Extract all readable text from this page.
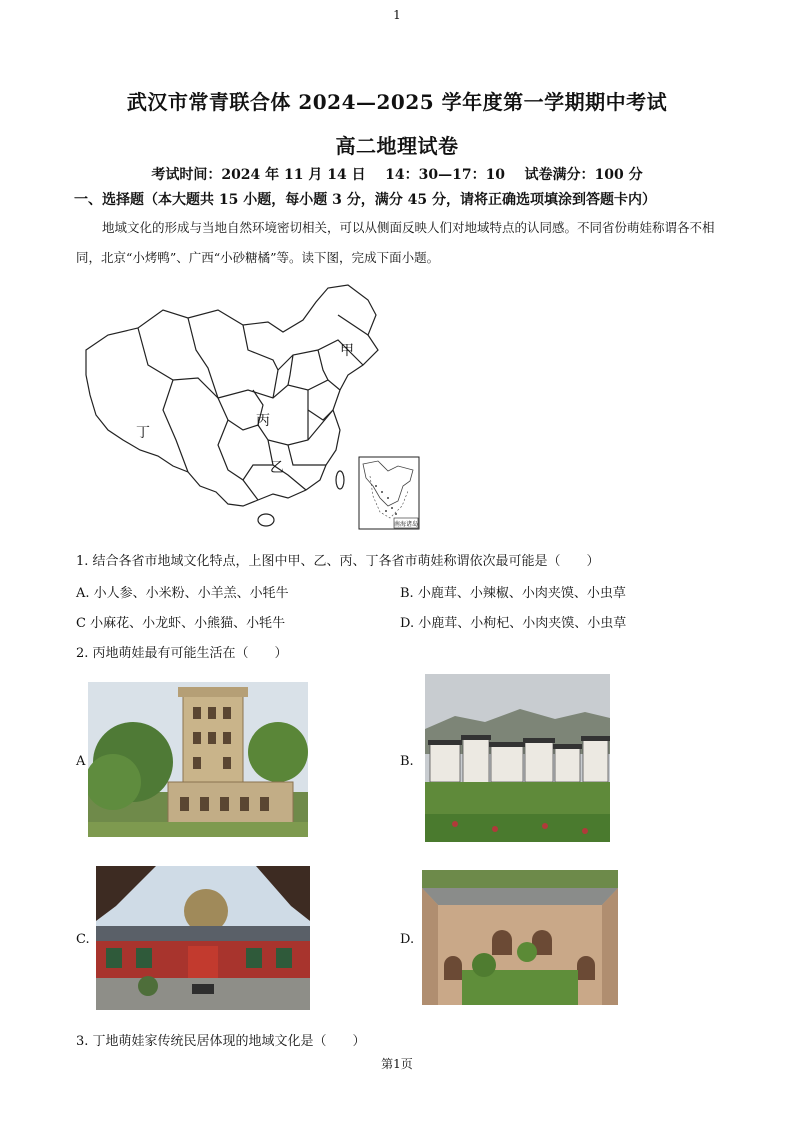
1
武汉市常青联合体 2024—2025 学年度第一学期期中考试
高二地理试卷
考试时间：2024 年 11 月 14 日    14：30—17：10    试卷满分：100 分
一、选择题（本大题共 15 小题，每小题 3 分，满分 45 分，请将正确选项填涂到答题卡内）
地域文化的形成与当地自然环境密切相关，可以从侧面反映人们对地域特点的认同感。不同省份萌娃称谓各不相同，北京“小烤鸭”、广西“小砂糖橘”等。读下图，完成下面小题。
甲
乙
丙
丁
南海诸岛
1. 结合各省市地域文化特点，上图中甲、乙、丙、丁各省市萌娃称谓依次最可能是（　　）
A. 小人参、小米粉、小羊羔、小牦牛	B. 小鹿茸、小辣椒、小肉夹馍、小虫草
C 小麻花、小龙虾、小熊猫、小牦牛	D. 小鹿茸、小枸杞、小肉夹馍、小虫草
2. 丙地萌娃最有可能生活在（　　）
A	B.
C.	D.
3. 丁地萌娃家传统民居体现的地域文化是（　　）
第1页
